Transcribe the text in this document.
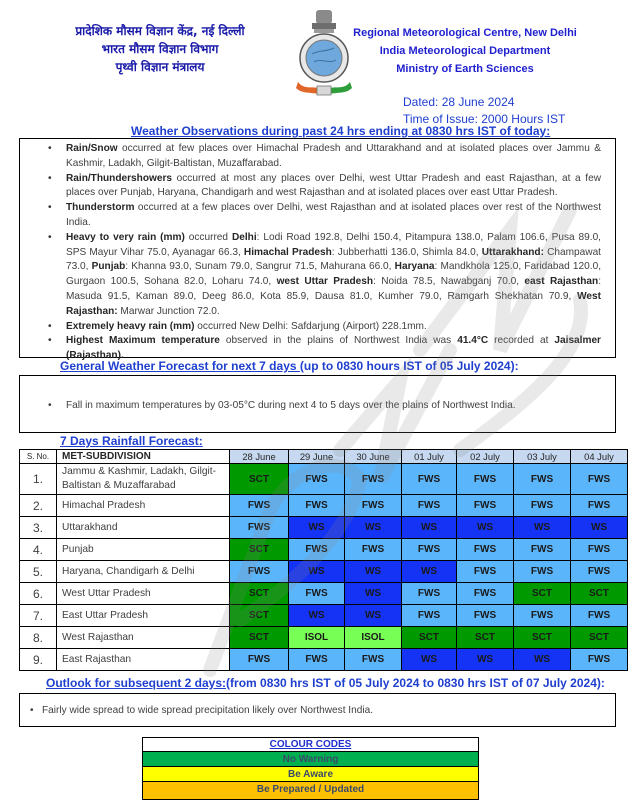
प्रादेशिक मौसम विज्ञान केंद्र, नई दिल्ली
भारत मौसम विज्ञान विभाग
पृथ्वी विज्ञान मंत्रालय
Regional Meteorological Centre, New Delhi
India Meteorological Department
Ministry of Earth Sciences
Dated: 28 June 2024
Time of Issue: 2000 Hours IST
Weather Observations during past 24 hrs ending at 0830 hrs IST of today:
• Rain/Snow occurred at few places over Himachal Pradesh and Uttarakhand and at isolated places over Jammu & Kashmir, Ladakh, Gilgit-Baltistan, Muzaffarabad.
• Rain/Thundershowers occurred at most any places over Delhi, west Uttar Pradesh and east Rajasthan, at a few places over Punjab, Haryana, Chandigarh and west Rajasthan and at isolated places over east Uttar Pradesh.
• Thunderstorm occurred at a few places over Delhi, west Rajasthan and at isolated places over rest of the Northwest India.
• Heavy to very rain (mm) occurred Delhi: Lodi Road 192.8, Delhi 150.4, Pitampura 138.0, Palam 106.6, Pusa 89.0, SPS Mayur Vihar 75.0, Ayanagar 66.3, Himachal Pradesh: Jubberhatti 136.0, Shimla 84.0, Uttarakhand: Champawat 73.0, Punjab: Khanna 93.0, Sunam 79.0, Sangrur 71.5, Mahurana 66.0, Haryana: Mandkhola 125.0, Faridabad 120.0, Gurgaon 100.5, Sohana 82.0, Loharu 74.0, west Uttar Pradesh: Noida 78.5, Nawabganj 70.0, east Rajasthan: Masuda 91.5, Kaman 89.0, Deeg 86.0, Kota 85.9, Dausa 81.0, Kumher 79.0, Ramgarh Shekhatan 70.9, West Rajasthan: Marwar Junction 72.0.
• Extremely heavy rain (mm) occurred New Delhi: Safdarjung (Airport) 228.1mm.
• Highest Maximum temperature observed in the plains of Northwest India was 41.4°C recorded at Jaisalmer (Rajasthan).
General Weather Forecast for next 7 days (up to 0830 hours IST of 05 July 2024):
• Fall in maximum temperatures by 03-05°C during next 4 to 5 days over the plains of Northwest India.
7 Days Rainfall Forecast:
S. No.	MET-SUBDIVISION	28 June	29 June	30 June	01 July	02 July	03 July	04 July
1.	Jammu & Kashmir, Ladakh, Gilgit-Baltistan & Muzaffarabad	SCT	FWS	FWS	FWS	FWS	FWS	FWS
2.	Himachal Pradesh	FWS	FWS	FWS	FWS	FWS	FWS	FWS
3.	Uttarakhand	FWS	WS	WS	WS	WS	WS	WS
4.	Punjab	SCT	FWS	FWS	FWS	FWS	FWS	FWS
5.	Haryana, Chandigarh & Delhi	FWS	WS	WS	WS	FWS	FWS	FWS
6.	West Uttar Pradesh	SCT	FWS	WS	FWS	FWS	SCT	SCT
7.	East Uttar Pradesh	SCT	WS	WS	FWS	FWS	FWS	FWS
8.	West Rajasthan	SCT	ISOL	ISOL	SCT	SCT	SCT	SCT
9.	East Rajasthan	FWS	FWS	FWS	WS	WS	WS	FWS
Outlook for subsequent 2 days:(from 0830 hrs IST of 05 July 2024 to 0830 hrs IST of 07 July 2024):
• Fairly wide spread to wide spread precipitation likely over Northwest India.
COLOUR CODES
No Warning
Be Aware
Be Prepared / Updated
